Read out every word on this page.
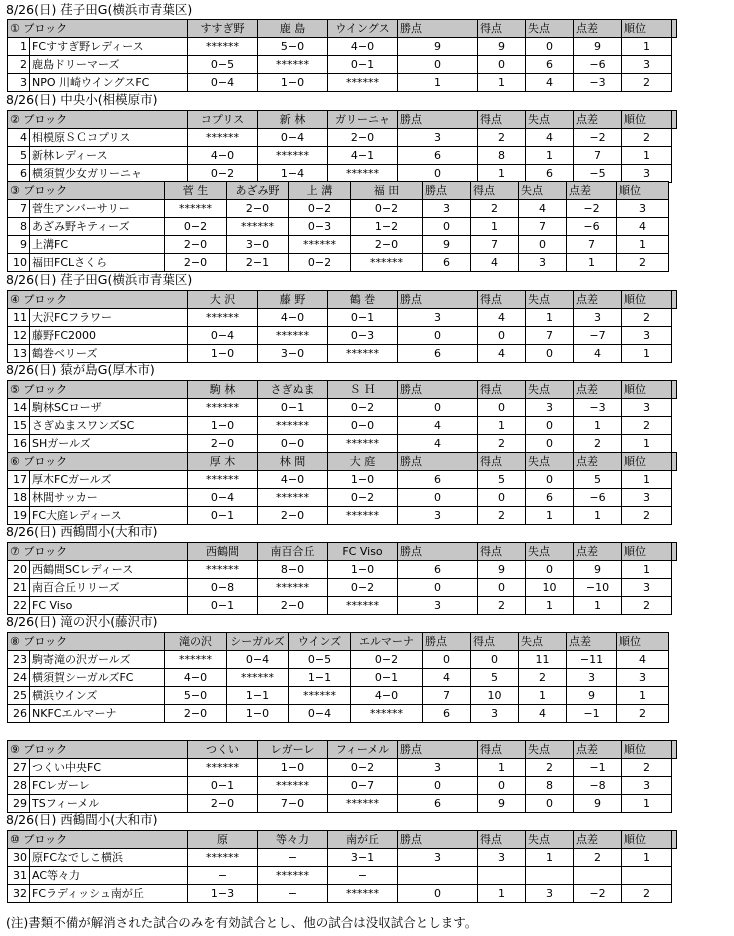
8/26(日) 荏子田G(横浜市青葉区)
① ブロック		すすぎ野	鹿 島	ウイングス	勝点	得点	失点	点差	順位	
1	FCすすぎ野レディース	******	5−0	4−0	9	9	0	9	1	
2	鹿島ドリーマーズ	0−5	******	0−1	0	0	6	−6	3	
3	NPO 川崎ウイングスFC	0−4	1−0	******	1	1	4	−3	2	
8/26(日) 中央小(相模原市)
② ブロック		コプリス	新 林	ガリーニャ	勝点	得点	失点	点差	順位	
4	相模原ＳＣコプリス	******	0−4	2−0	3	2	4	−2	2	
5	新林レディース	4−0	******	4−1	6	8	1	7	1	
6	横須賀少女ガリーニャ	0−2	1−4	******	0	1	6	−5	3	
③ ブロック		菅 生	あざみ野	上 溝	福 田	勝点	得点	失点	点差	順位
7	菅生アンバーサリー	******	2−0	0−2	0−2	3	2	4	−2	3
8	あざみ野キティーズ	0−2	******	0−3	1−2	0	1	7	−6	4
9	上溝FC	2−0	3−0	******	2−0	9	7	0	7	1
10	福田FCLさくら	2−0	2−1	0−2	******	6	4	3	1	2
8/26(日) 荏子田G(横浜市青葉区)
④ ブロック		大 沢	藤 野	鶴 巻	勝点	得点	失点	点差	順位	
11	大沢FCフラワー	******	4−0	0−1	3	4	1	3	2	
12	藤野FC2000	0−4	******	0−3	0	0	7	−7	3	
13	鶴巻ベリーズ	1−0	3−0	******	6	4	0	4	1	
8/26(日) 猿が島G(厚木市)
⑤ ブロック		駒 林	さぎぬま	Ｓ Ｈ	勝点	得点	失点	点差	順位	
14	駒林SCローザ	******	0−1	0−2	0	0	3	−3	3	
15	さぎぬまスワンズSC	1−0	******	0−0	4	1	0	1	2	
16	SHガールズ	2−0	0−0	******	4	2	0	2	1	
⑥ ブロック		厚 木	林 間	大 庭	勝点	得点	失点	点差	順位	
17	厚木FCガールズ	******	4−0	1−0	6	5	0	5	1	
18	林間サッカー	0−4	******	0−2	0	0	6	−6	3	
19	FC大庭レディース	0−1	2−0	******	3	2	1	1	2	
8/26(日) 西鶴間小(大和市)
⑦ ブロック		西鶴間	南百合丘	FC Viso	勝点	得点	失点	点差	順位	
20	西鶴間SCレディース	******	8−0	1−0	6	9	0	9	1	
21	南百合丘リリーズ	0−8	******	0−2	0	0	10	−10	3	
22	FC Viso	0−1	2−0	******	3	2	1	1	2	
8/26(日) 滝の沢小(藤沢市)
⑧ ブロック		滝の沢	シーガルズ	ウインズ	エルマーナ	勝点	得点	失点	点差	順位
23	駒寄滝の沢ガールズ	******	0−4	0−5	0−2	0	0	11	−11	4
24	横須賀シーガルズFC	4−0	******	1−1	0−1	4	5	2	3	3
25	横浜ウインズ	5−0	1−1	******	4−0	7	10	1	9	1
26	NKFCエルマーナ	2−0	1−0	0−4	******	6	3	4	−1	2
⑨ ブロック		つくい	レガーレ	フィーメル	勝点	得点	失点	点差	順位	
27	つくい中央FC	******	1−0	0−2	3	1	2	−1	2	
28	FCレガーレ	0−1	******	0−7	0	0	8	−8	3	
29	TSフィーメル	2−0	7−0	******	6	9	0	9	1	
8/26(日) 西鶴間小(大和市)
⑩ ブロック		原	等々力	南が丘	勝点	得点	失点	点差	順位	
30	原FCなでしこ横浜	******	−	3−1	3	3	1	2	1	
31	AC等々力	−	******	−						
32	FCラディッシュ南が丘	1−3	−	******	0	1	3	−2	2	
(注)書類不備が解消された試合のみを有効試合とし、他の試合は没収試合とします。
